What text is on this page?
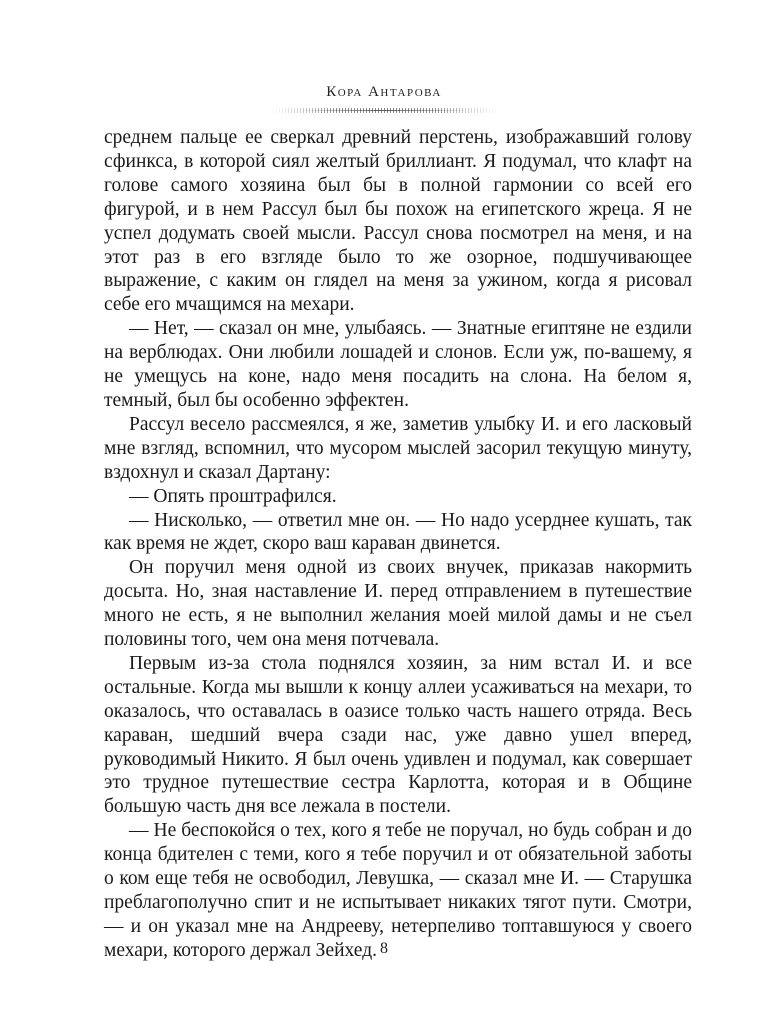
Кора Антарова

среднем пальце ее сверкал древний перстень, изображавший голову сфинкса, в которой сиял желтый бриллиант. Я подумал, что клафт на голове самого хозяина был бы в полной гармонии со всей его фигурой, и в нем Рассул был бы похож на египетского жреца. Я не успел додумать своей мысли. Рассул снова посмотрел на меня, и на этот раз в его взгляде было то же озорное, подшучивающее выражение, с каким он глядел на меня за ужином, когда я рисовал себе его мчащимся на мехари.

— Нет, — сказал он мне, улыбаясь. — Знатные египтяне не ездили на верблюдах. Они любили лошадей и слонов. Если уж, по-вашему, я не умещусь на коне, надо меня посадить на слона. На белом я, темный, был бы особенно эффектен.

Рассул весело рассмеялся, я же, заметив улыбку И. и его ласковый мне взгляд, вспомнил, что мусором мыслей засорил текущую минуту, вздохнул и сказал Дартану:

— Опять проштрафился.

— Нисколько, — ответил мне он. — Но надо усерднее кушать, так как время не ждет, скоро ваш караван двинется.

Он поручил меня одной из своих внучек, приказав накормить досыта. Но, зная наставление И. перед отправлением в путешествие много не есть, я не выполнил желания моей милой дамы и не съел половины того, чем она меня потчевала.

Первым из-за стола поднялся хозяин, за ним встал И. и все остальные. Когда мы вышли к концу аллеи усаживаться на мехари, то оказалось, что оставалась в оазисе только часть нашего отряда. Весь караван, шедший вчера сзади нас, уже давно ушел вперед, руководимый Никито. Я был очень удивлен и подумал, как совершает это трудное путешествие сестра Карлотта, которая и в Общине большую часть дня все лежала в постели.

— Не беспокойся о тех, кого я тебе не поручал, но будь собран и до конца бдителен с теми, кого я тебе поручил и от обязательной заботы о ком еще тебя не освободил, Левушка, — сказал мне И. — Старушка преблагополучно спит и не испытывает никаких тягот пути. Смотри, — и он указал мне на Андрееву, нетерпеливо топтавшуюся у своего мехари, которого держал Зейхед. 8
